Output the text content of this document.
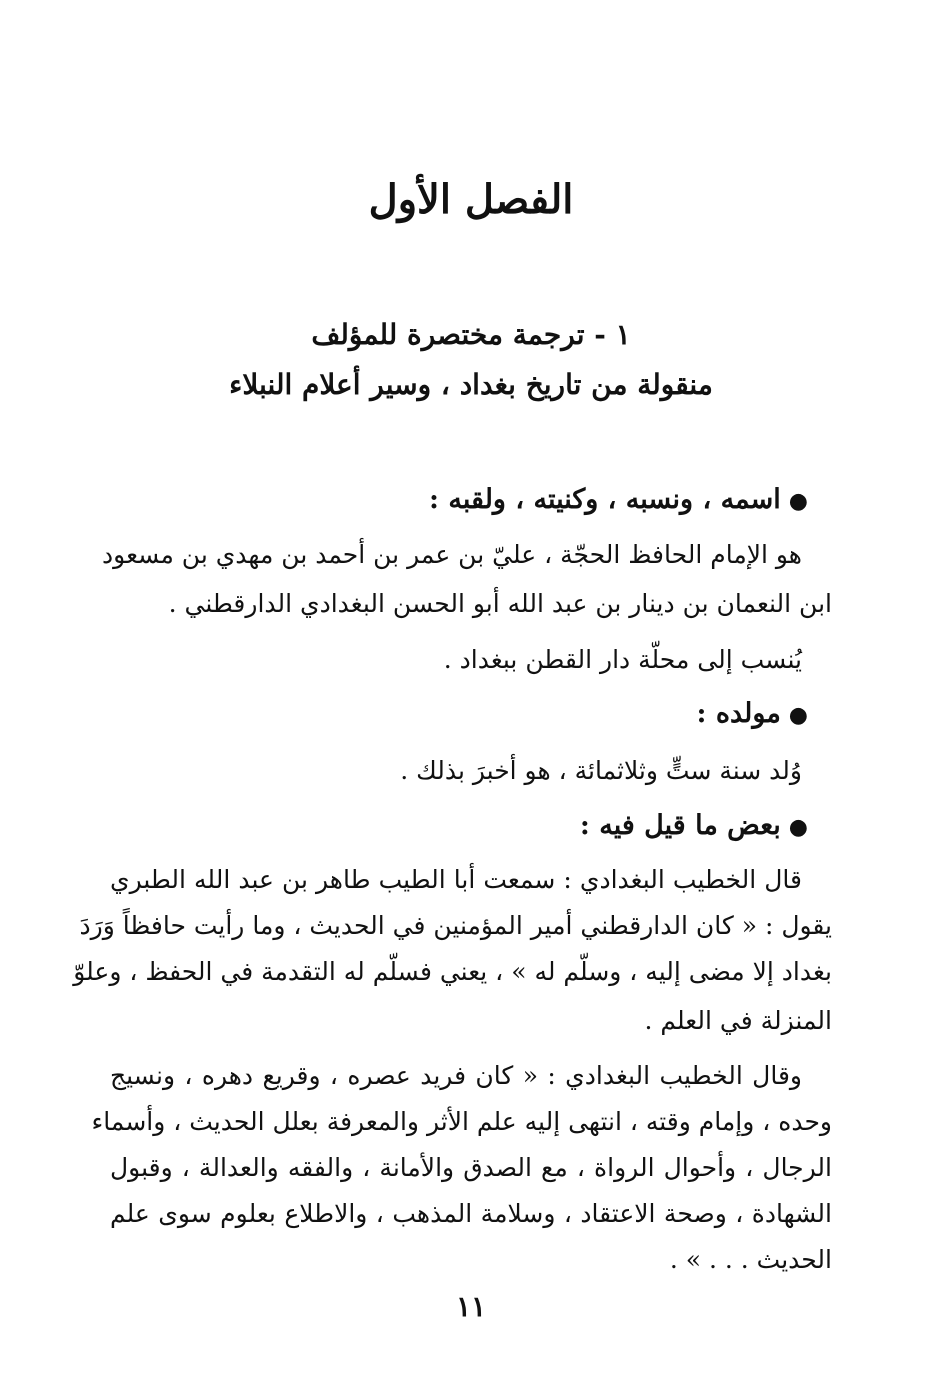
الفصل الأول
١ - ترجمة مختصرة للمؤلف
منقولة من تاريخ بغداد ، وسير أعلام النبلاء
●اسمه ، ونسبه ، وكنيته ، ولقبه :
هو الإمام الحافظ الحجّة ، عليّ بن عمر بن أحمد بن مهدي بن مسعود
ابن النعمان بن دينار بن عبد الله أبو الحسن البغدادي الدارقطني .
يُنسب إلى محلّة دار القطن ببغداد .
●مولده :
وُلد سنة ستٍّ وثلاثمائة ، هو أخبرَ بذلك .
●بعض ما قيل فيه :
قال الخطيب البغدادي : سمعت أبا الطيب طاهر بن عبد الله الطبري
يقول : « كان الدارقطني أمير المؤمنين في الحديث ، وما رأيت حافظاً وَرَدَ
بغداد إلا مضى إليه ، وسلّم له » ، يعني فسلّم له التقدمة في الحفظ ، وعلوّ
المنزلة في العلم .
وقال الخطيب البغدادي : « كان فريد عصره ، وقريع دهره ، ونسيج
وحده ، وإمام وقته ، انتهى إليه علم الأثر والمعرفة بعلل الحديث ، وأسماء
الرجال ، وأحوال الرواة ، مع الصدق والأمانة ، والفقه والعدالة ، وقبول
الشهادة ، وصحة الاعتقاد ، وسلامة المذهب ، والاطلاع بعلوم سوى علم
الحديث . . . » .
١١
